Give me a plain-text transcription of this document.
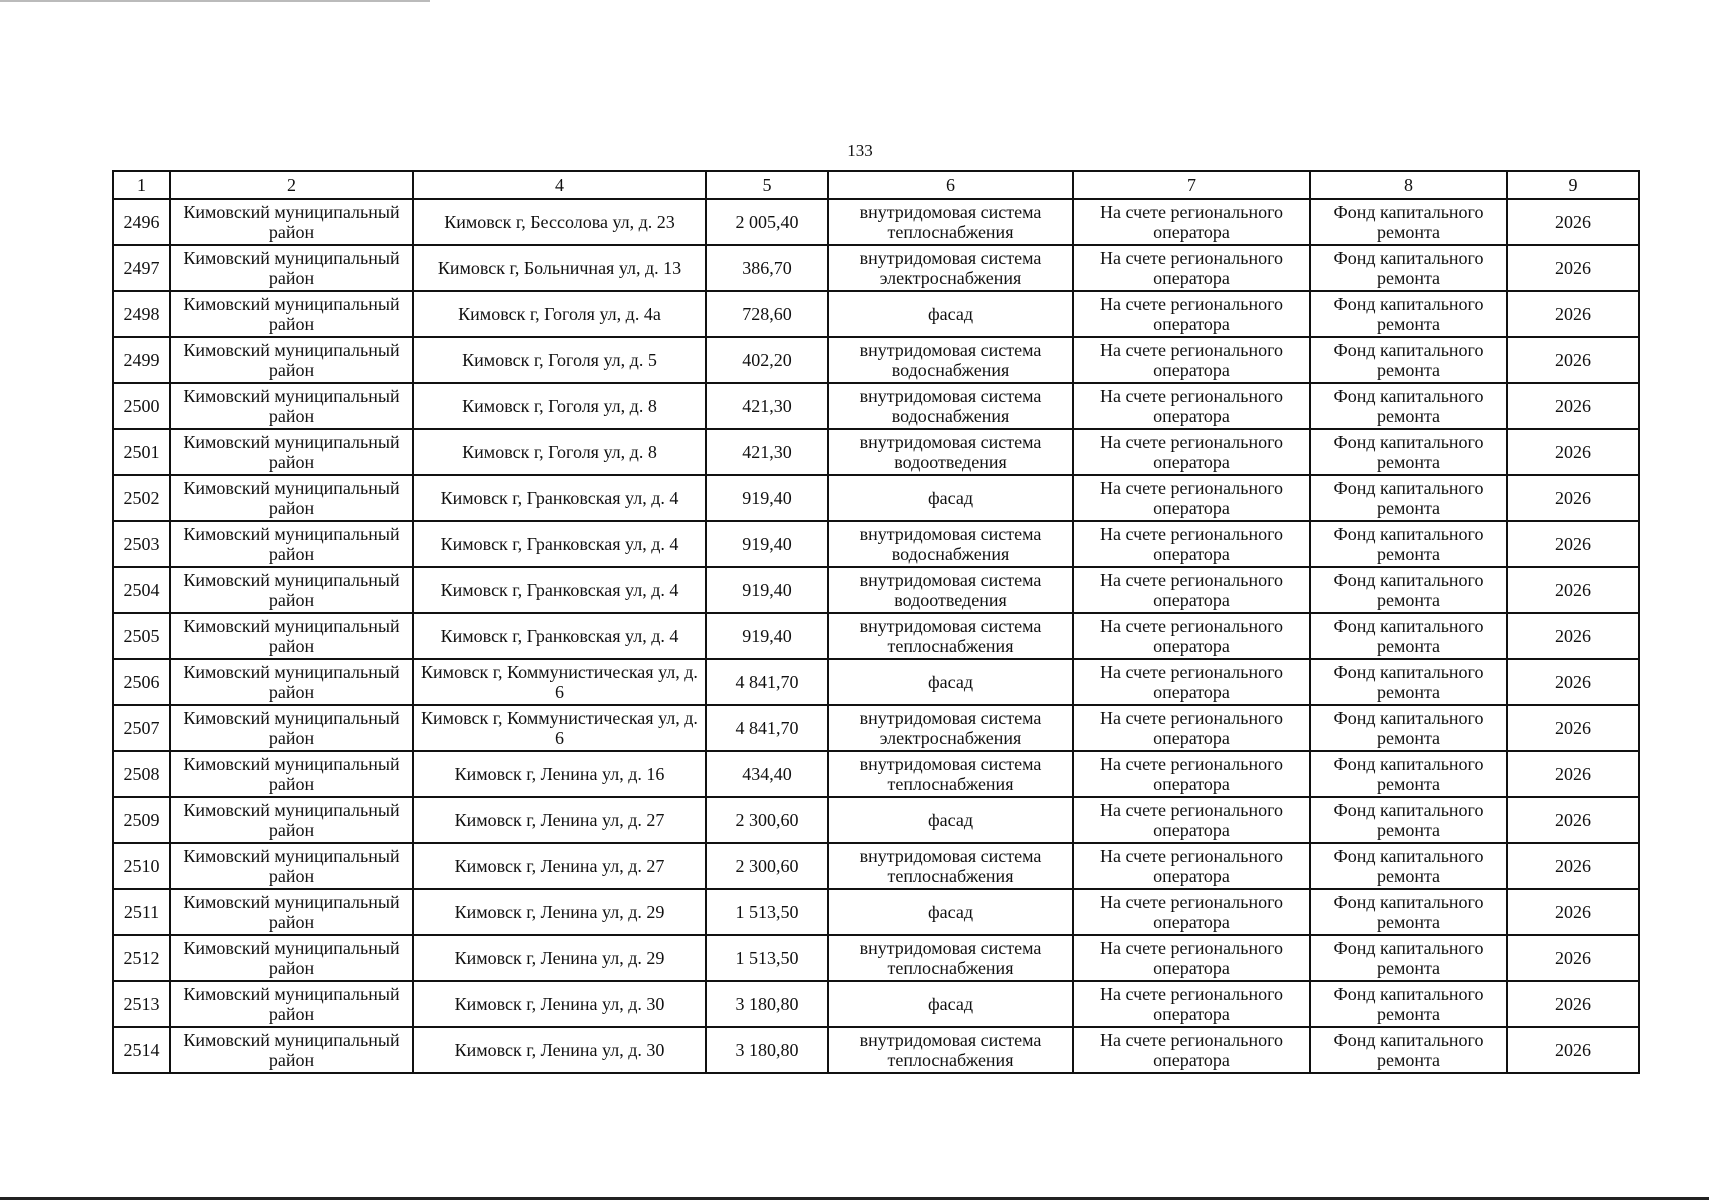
133
1	2	4	5	6	7	8	9
2496	Кимовский муниципальный район	Кимовск г, Бессолова ул, д. 23	2 005,40	внутридомовая система теплоснабжения	На счете регионального оператора	Фонд капитального ремонта	2026
2497	Кимовский муниципальный район	Кимовск г, Больничная ул, д. 13	386,70	внутридомовая система электроснабжения	На счете регионального оператора	Фонд капитального ремонта	2026
2498	Кимовский муниципальный район	Кимовск г, Гоголя ул, д. 4а	728,60	фасад	На счете регионального оператора	Фонд капитального ремонта	2026
2499	Кимовский муниципальный район	Кимовск г, Гоголя ул, д. 5	402,20	внутридомовая система водоснабжения	На счете регионального оператора	Фонд капитального ремонта	2026
2500	Кимовский муниципальный район	Кимовск г, Гоголя ул, д. 8	421,30	внутридомовая система водоснабжения	На счете регионального оператора	Фонд капитального ремонта	2026
2501	Кимовский муниципальный район	Кимовск г, Гоголя ул, д. 8	421,30	внутридомовая система водоотведения	На счете регионального оператора	Фонд капитального ремонта	2026
2502	Кимовский муниципальный район	Кимовск г, Гранковская ул, д. 4	919,40	фасад	На счете регионального оператора	Фонд капитального ремонта	2026
2503	Кимовский муниципальный район	Кимовск г, Гранковская ул, д. 4	919,40	внутридомовая система водоснабжения	На счете регионального оператора	Фонд капитального ремонта	2026
2504	Кимовский муниципальный район	Кимовск г, Гранковская ул, д. 4	919,40	внутридомовая система водоотведения	На счете регионального оператора	Фонд капитального ремонта	2026
2505	Кимовский муниципальный район	Кимовск г, Гранковская ул, д. 4	919,40	внутридомовая система теплоснабжения	На счете регионального оператора	Фонд капитального ремонта	2026
2506	Кимовский муниципальный район	Кимовск г, Коммунистическая ул, д. 6	4 841,70	фасад	На счете регионального оператора	Фонд капитального ремонта	2026
2507	Кимовский муниципальный район	Кимовск г, Коммунистическая ул, д. 6	4 841,70	внутридомовая система электроснабжения	На счете регионального оператора	Фонд капитального ремонта	2026
2508	Кимовский муниципальный район	Кимовск г, Ленина ул, д. 16	434,40	внутридомовая система теплоснабжения	На счете регионального оператора	Фонд капитального ремонта	2026
2509	Кимовский муниципальный район	Кимовск г, Ленина ул, д. 27	2 300,60	фасад	На счете регионального оператора	Фонд капитального ремонта	2026
2510	Кимовский муниципальный район	Кимовск г, Ленина ул, д. 27	2 300,60	внутридомовая система теплоснабжения	На счете регионального оператора	Фонд капитального ремонта	2026
2511	Кимовский муниципальный район	Кимовск г, Ленина ул, д. 29	1 513,50	фасад	На счете регионального оператора	Фонд капитального ремонта	2026
2512	Кимовский муниципальный район	Кимовск г, Ленина ул, д. 29	1 513,50	внутридомовая система теплоснабжения	На счете регионального оператора	Фонд капитального ремонта	2026
2513	Кимовский муниципальный район	Кимовск г, Ленина ул, д. 30	3 180,80	фасад	На счете регионального оператора	Фонд капитального ремонта	2026
2514	Кимовский муниципальный район	Кимовск г, Ленина ул, д. 30	3 180,80	внутридомовая система теплоснабжения	На счете регионального оператора	Фонд капитального ремонта	2026
